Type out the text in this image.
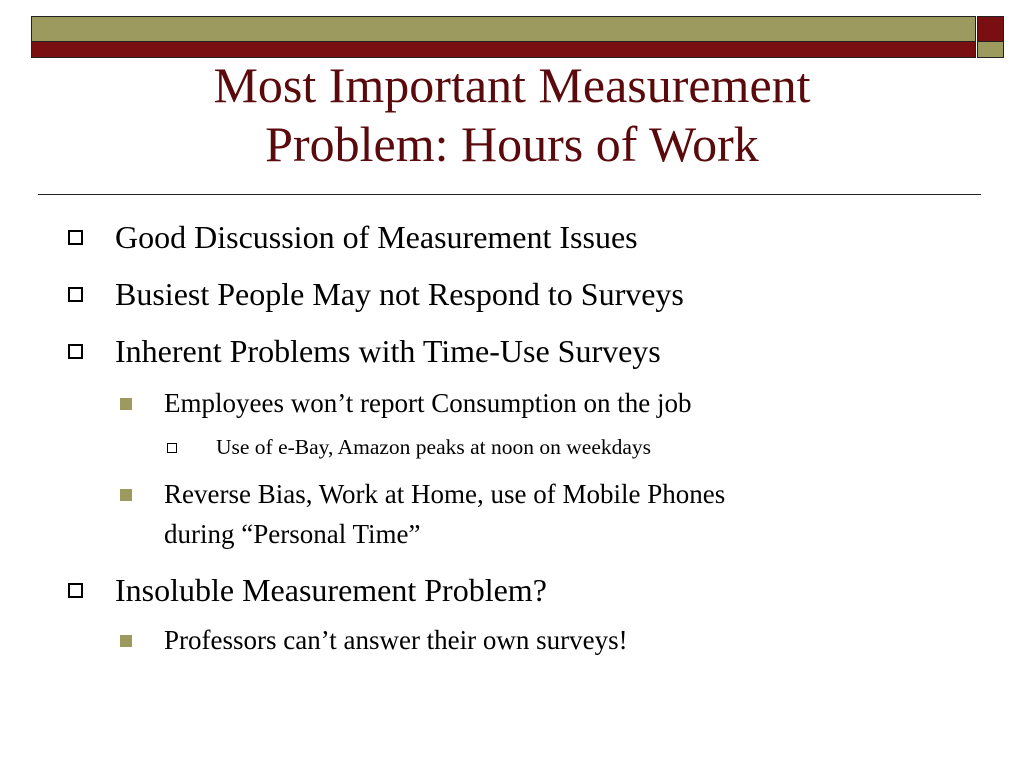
Most Important Measurement
Problem: Hours of Work
Good Discussion of Measurement Issues
Busiest People May not Respond to Surveys
Inherent Problems with Time-Use Surveys
Employees won’t report Consumption on the job
Use of e-Bay, Amazon peaks at noon on weekdays
Reverse Bias, Work at Home, use of Mobile Phones
during “Personal Time”
Insoluble Measurement Problem?
Professors can’t answer their own surveys!
